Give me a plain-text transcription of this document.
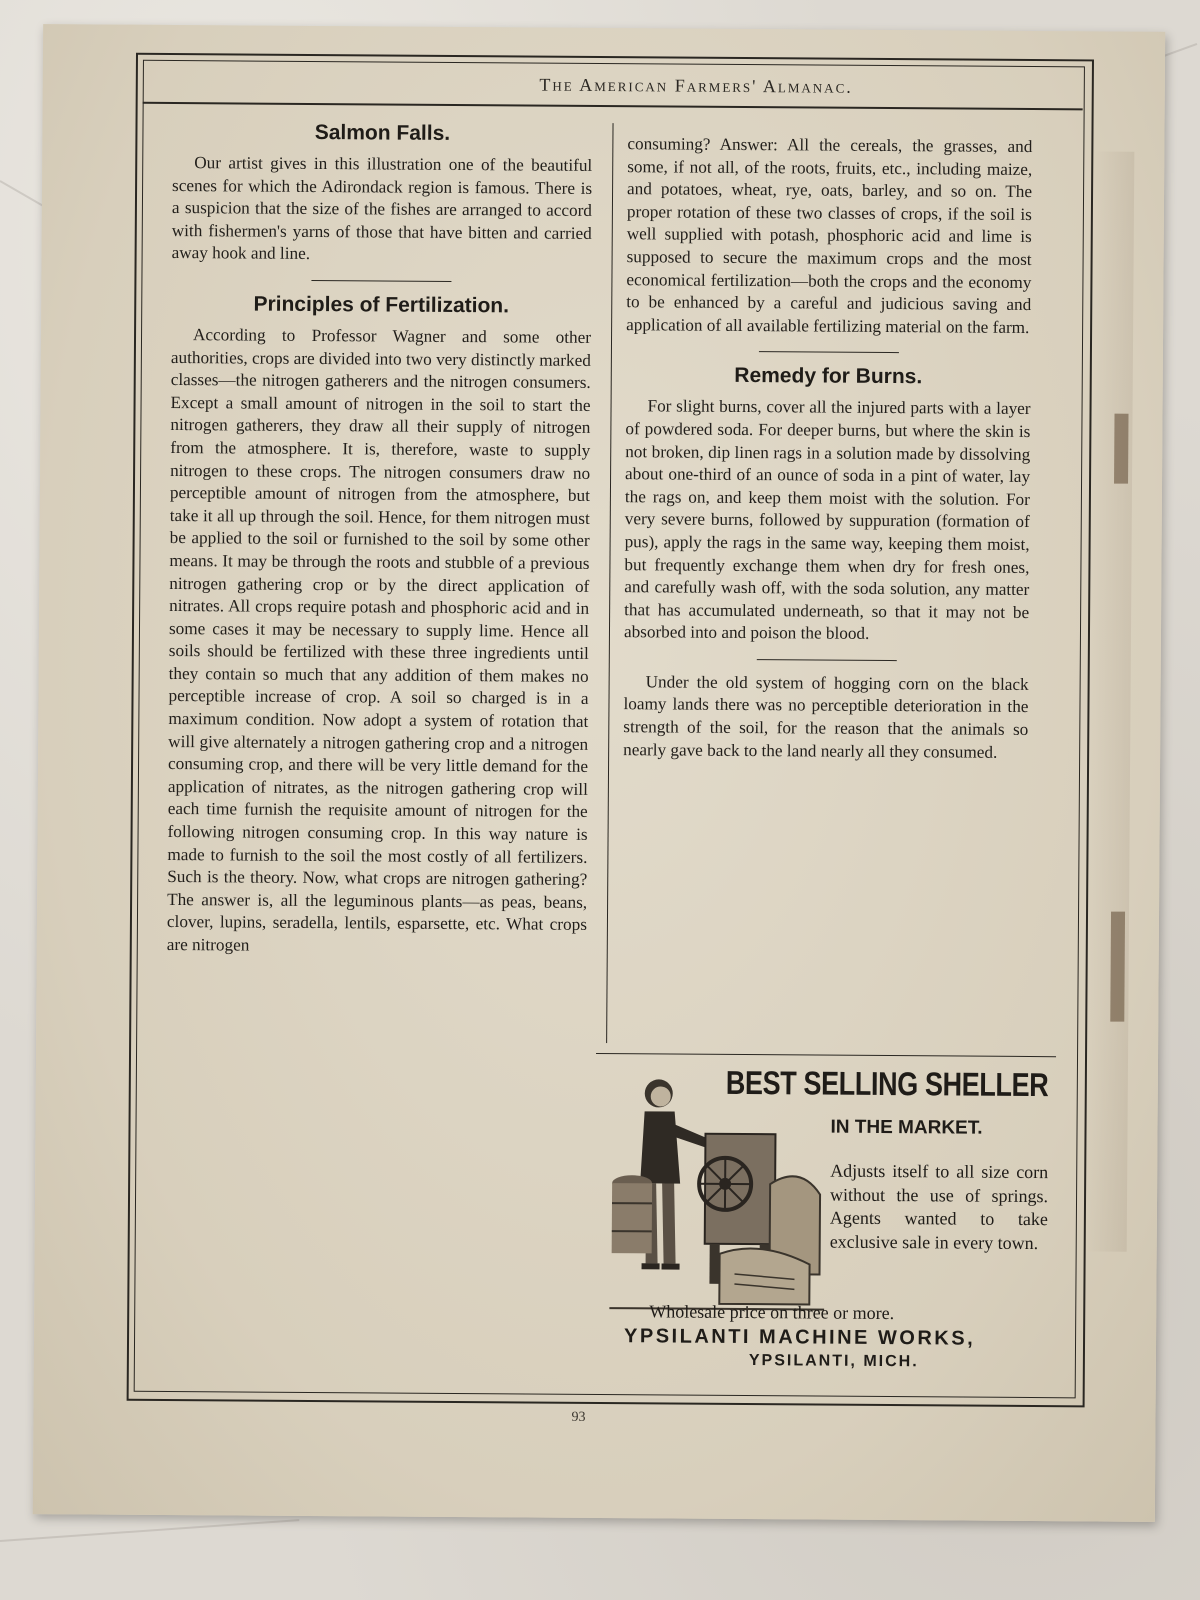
The American Farmers' Almanac.
Salmon Falls.

Our artist gives in this illustration one of the beautiful scenes for which the Adirondack region is famous. There is a suspicion that the size of the fishes are arranged to accord with fishermen's yarns of those that have bitten and carried away hook and line.

Principles of Fertilization.

According to Professor Wagner and some other authorities, crops are divided into two very distinctly marked classes—the nitrogen gatherers and the nitrogen consumers. Except a small amount of nitrogen in the soil to start the nitrogen gatherers, they draw all their supply of nitrogen from the atmosphere. It is, therefore, waste to supply nitrogen to these crops. The nitrogen consumers draw no perceptible amount of nitrogen from the atmosphere, but take it all up through the soil. Hence, for them nitrogen must be applied to the soil or furnished to the soil by some other means. It may be through the roots and stubble of a previous nitrogen gathering crop or by the direct application of nitrates. All crops require potash and phosphoric acid and in some cases it may be necessary to supply lime. Hence all soils should be fertilized with these three ingredients until they contain so much that any addition of them makes no perceptible increase of crop. A soil so charged is in a maximum condition. Now adopt a system of rotation that will give alternately a nitrogen gathering crop and a nitrogen consuming crop, and there will be very little demand for the application of nitrates, as the nitrogen gathering crop will each time furnish the requisite amount of nitrogen for the following nitrogen consuming crop. In this way nature is made to furnish to the soil the most costly of all fertilizers. Such is the theory. Now, what crops are nitrogen gathering? The answer is, all the leguminous plants—as peas, beans, clover, lupins, seradella, lentils, esparsette, etc. What crops are nitrogen

consuming? Answer: All the cereals, the grasses, and some, if not all, of the roots, fruits, etc., including maize, and potatoes, wheat, rye, oats, barley, and so on. The proper rotation of these two classes of crops, if the soil is well supplied with potash, phosphoric acid and lime is supposed to secure the maximum crops and the most economical fertilization—both the crops and the economy to be enhanced by a careful and judicious saving and application of all available fertilizing material on the farm.

Remedy for Burns.

For slight burns, cover all the injured parts with a layer of powdered soda. For deeper burns, but where the skin is not broken, dip linen rags in a solution made by dissolving about one-third of an ounce of soda in a pint of water, lay the rags on, and keep them moist with the solution. For very severe burns, followed by suppuration (formation of pus), apply the rags in the same way, keeping them moist, but frequently exchange them when dry for fresh ones, and carefully wash off, with the soda solution, any matter that has accumulated underneath, so that it may not be absorbed into and poison the blood.

Under the old system of hogging corn on the black loamy lands there was no perceptible deterioration in the strength of the soil, for the reason that the animals so nearly gave back to the land nearly all they consumed.

BEST SELLING SHELLER
IN THE MARKET.
Adjusts itself to all size corn without the use of springs. Agents wanted to take exclusive sale in every town.
Wholesale price on three or more.
YPSILANTI MACHINE WORKS,
YPSILANTI, MICH.
93
